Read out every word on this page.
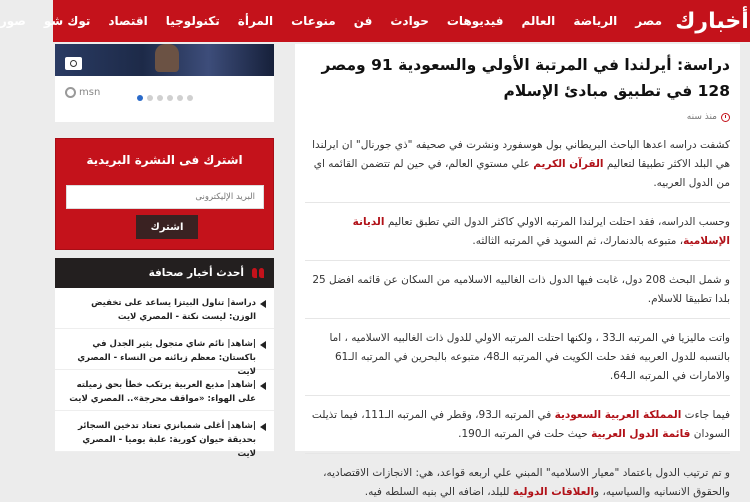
أخبارك
مصر
الرياضة
العالم
فيديوهات
حوادث
فن
منوعات
المرأة
تكنولوجيا
اقتصاد
توك شو
صور
دراسة: أيرلندا في المرتبة الأولي والسعودية 91 ومصر 128 في تطبيق مبادئ الإسلام
منذ سنه

كشفت دراسه اعدها الباحث البريطاني بول هوسفورد ونشرت في صحيفه "ذي جورنال" ان ايرلندا هي البلد الاكثر تطبيقا لتعاليم القرآن الكريم علي مستوي العالم، في حين لم تتضمن القائمه اي من الدول العربيه.

وحسب الدراسه، فقد احتلت ايرلندا المرتبه الاولي كاكثر الدول التي تطبق تعاليم الديانة الإسلامية، متبوعه بالدنمارك، ثم السويد في المرتبه الثالثه.

و شمل البحث 208 دول، غابت فيها الدول ذات الغالبيه الاسلاميه من السكان عن قائمه افضل 25 بلدا تطبيقا للاسلام.

واتت ماليزيا في المرتبه الـ33 ، ولكنها احتلت المرتبه الاولي للدول ذات الغالبيه الاسلاميه ، اما بالنسبه للدول العربيه فقد حلت الكويت في المرتبه الـ48، متبوعه بالبحرين في المرتبه الـ61 والامارات في المرتبه الـ64.

فيما جاءت المملكة العربية السعودية في المرتبه الـ93، وقطر في المرتبه الـ111، فيما تذيلت السودان قائمة الدول العربية حيث حلت في المرتبه الـ190.

و تم ترتيب الدول باعتماد "معيار الاسلاميه" المبني علي اربعه قواعد، هي: الانجازات الاقتصاديه، والحقوق الانسانيه والسياسيه، والعلاقات الدولية للبلد، اضافه الي بنيه السلطه فيه.

msn
اشترك فى النشرة البريدية
البريد الإليكترونى
اشترك
أحدث أخبار صحافة
دراسة| تناول البيتزا يساعد على تخفيض الوزن: ليست نكتة - المصري لايت
|شاهد| نائم شاي متجول يثير الجدل في باكستان: معظم زبائنه من النساء - المصري لايت
|شاهد| مذيع العربية يرتكب خطأ بحق زميلته على الهواء: «مواقف محرجة».. المصري لايت
|شاهد| أغلى شمبانزي تعتاد تدخين السجائر بحديقة حيوان كورية: علبة يوميا - المصري لايت
